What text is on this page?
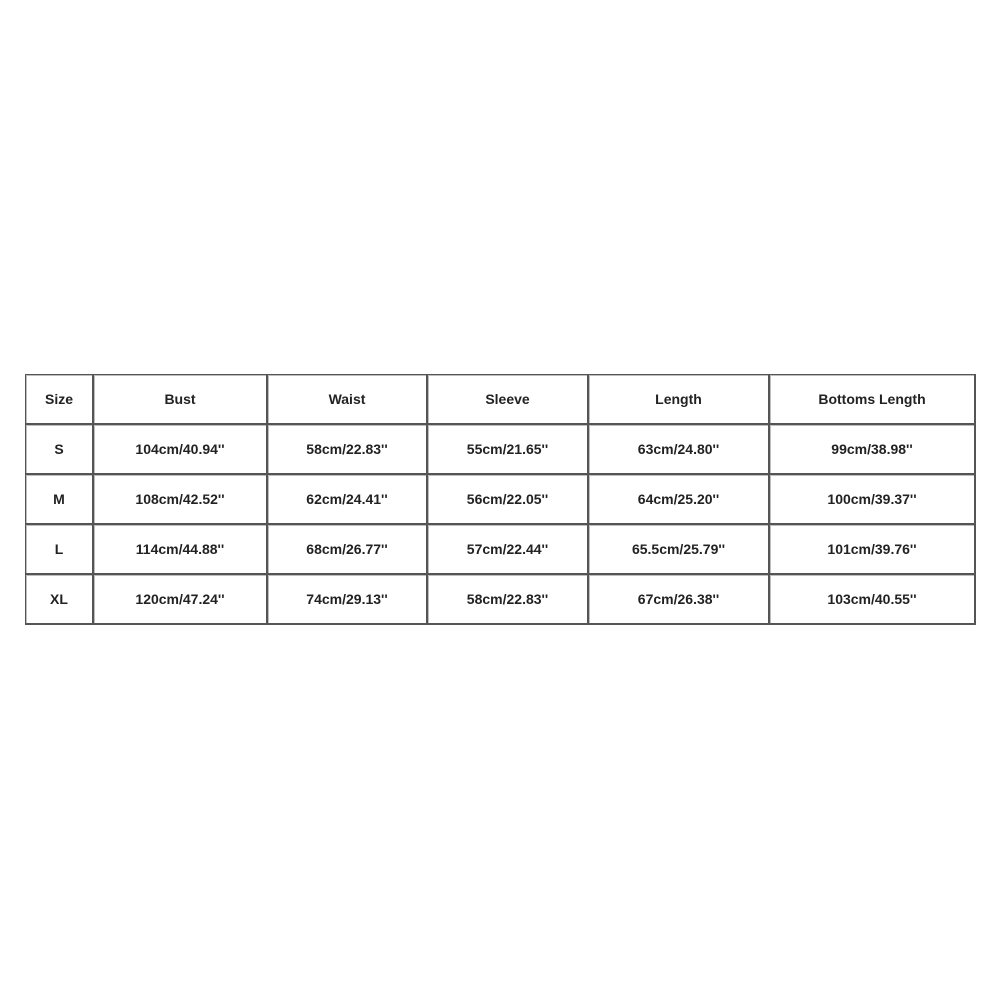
Size	Bust	Waist	Sleeve	Length	Bottoms Length
S	104cm/40.94''	58cm/22.83''	55cm/21.65''	63cm/24.80''	99cm/38.98''
M	108cm/42.52''	62cm/24.41''	56cm/22.05''	64cm/25.20''	100cm/39.37''
L	114cm/44.88''	68cm/26.77''	57cm/22.44''	65.5cm/25.79''	101cm/39.76''
XL	120cm/47.24''	74cm/29.13''	58cm/22.83''	67cm/26.38''	103cm/40.55''
